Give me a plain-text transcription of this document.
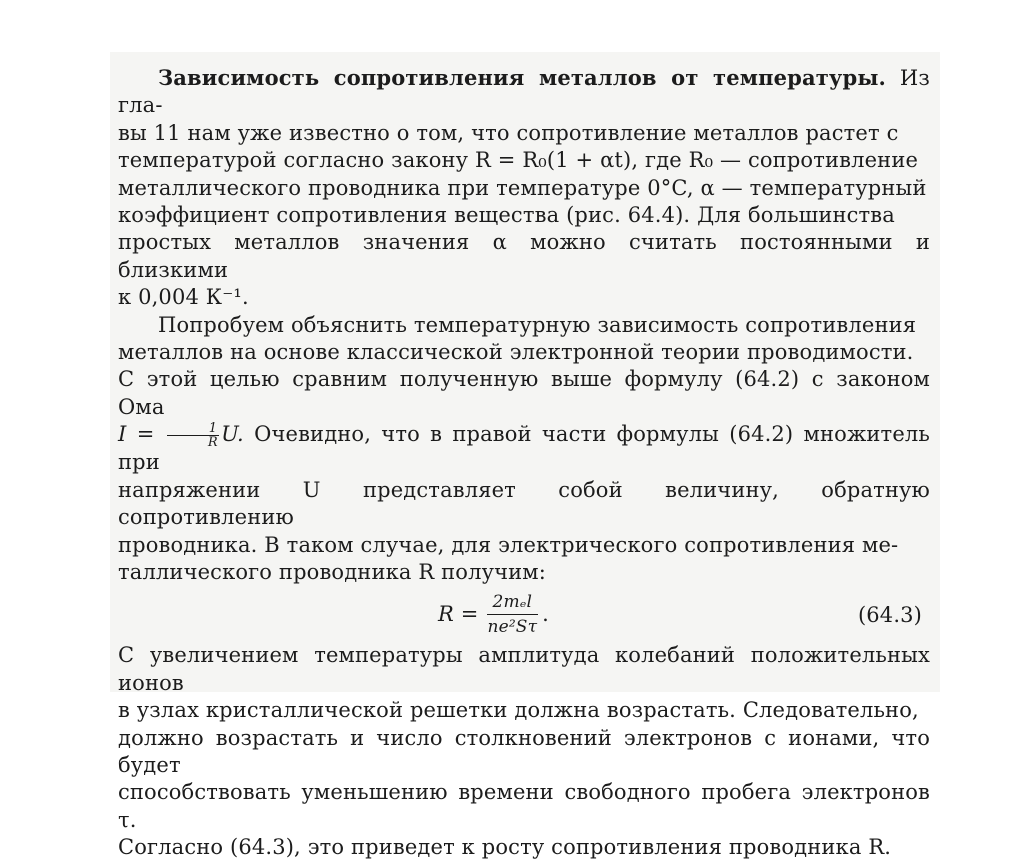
Зависимость сопротивления металлов от температуры. Из гла-
вы 11 нам уже известно о том, что сопротивление металлов растет с
температурой согласно закону R = R₀(1 + αt), где R₀ — сопротивление
металлического проводника при температуре 0°C, α — температурный
коэффициент сопротивления вещества (рис. 64.4). Для большинства
простых металлов значения α можно считать постоянными и близкими
к 0,004 К⁻¹.

Попробуем объяснить температурную зависимость сопротивления
металлов на основе классической электронной теории проводимости.
С этой целью сравним полученную выше формулу (64.2) с законом Ома
$I = \frac{1}{R} U$. Очевидно, что в правой части формулы (64.2) множитель при
напряжении U представляет собой величину, обратную сопротивлению
проводника. В таком случае, для электрического сопротивления ме-
таллического проводника R получим:

$R = \frac{\text{2mₑl}}{\text{ne²Sτ}}$ .	(64.3)

С увеличением температуры амплитуда колебаний положительных ионов
в узлах кристаллической решетки должна возрастать. Следовательно,
должно возрастать и число столкновений электронов с ионами, что будет
способствовать уменьшению времени свободного пробега электронов τ.
Согласно (64.3), это приведет к росту сопротивления проводника R.
